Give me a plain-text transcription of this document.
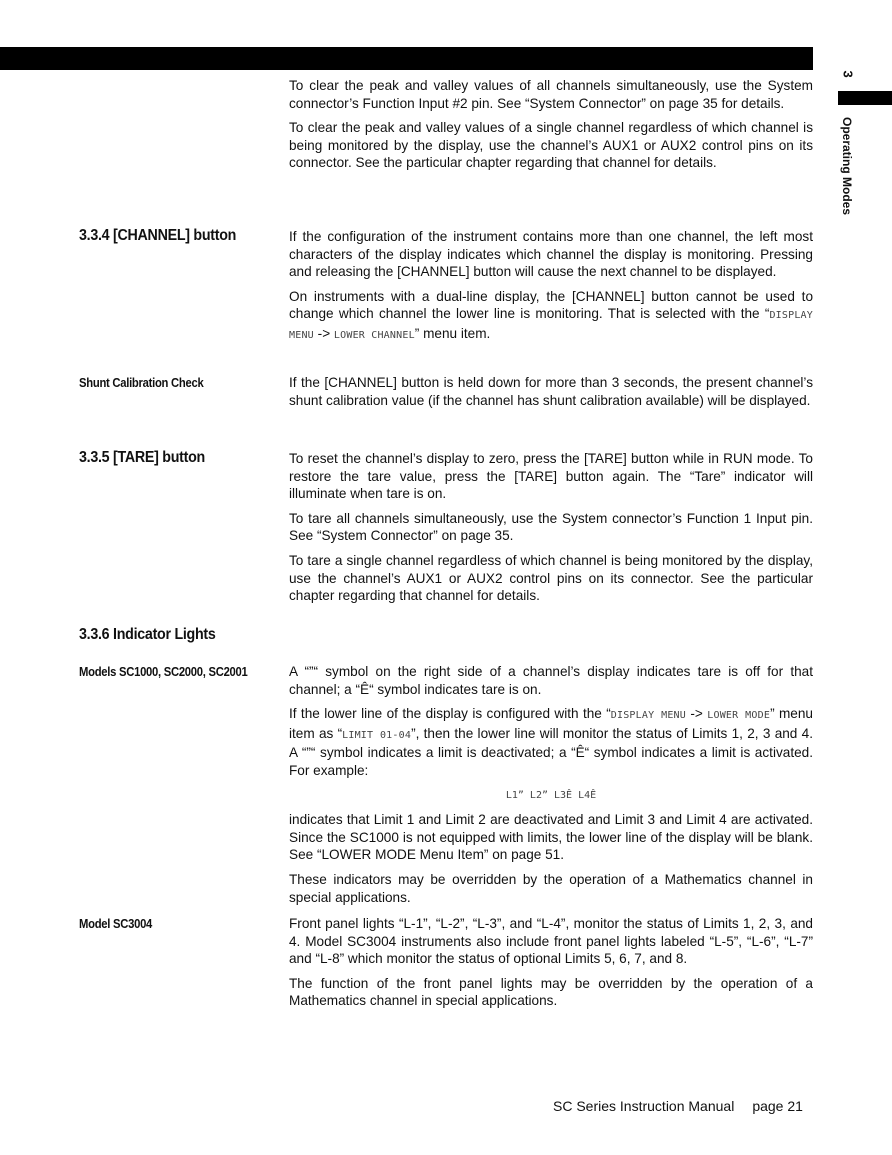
3
Operating Modes

To clear the peak and valley values of all channels simultaneously, use the System connector’s Function Input #2 pin. See “System Connector” on page 35 for details.

To clear the peak and valley values of a single channel regardless of which channel is being monitored by the display, use the channel’s AUX1 or AUX2 control pins on its connector. See the particular chapter regarding that channel for details.

3.3.4 [CHANNEL] button	If the configuration of the instrument contains more than one channel, the left most characters of the display indicates which channel the display is monitoring. Pressing and releasing the [CHANNEL] button will cause the next channel to be displayed.

On instruments with a dual-line display, the [CHANNEL] button cannot be used to change which channel the lower line is monitoring. That is selected with the “DISPLAY MENU -> LOWER CHANNEL” menu item.

Shunt Calibration Check	If the [CHANNEL] button is held down for more than 3 seconds, the present channel’s shunt calibration value (if the channel has shunt calibration available) will be displayed.

3.3.5 [TARE] button	To reset the channel’s display to zero, press the [TARE] button while in RUN mode. To restore the tare value, press the [TARE] button again. The “Tare” indicator will illuminate when tare is on.

To tare all channels simultaneously, use the System connector’s Function 1 Input pin. See “System Connector” on page 35.

To tare a single channel regardless of which channel is being monitored by the display, use the channel’s AUX1 or AUX2 control pins on its connector. See the particular chapter regarding that channel for details.

3.3.6 Indicator Lights
Models SC1000, SC2000, SC2001	A “”“ symbol on the right side of a channel’s display indicates tare is off for that channel; a “Ê“ symbol indicates tare is on.

If the lower line of the display is configured with the “DISPLAY MENU -> LOWER MODE” menu item as “LIMIT 01-04”, then the lower line will monitor the status of Limits 1, 2, 3 and 4. A “”“ symbol indicates a limit is deactivated; a “Ê“ symbol indicates a limit is activated. For example:

L1” L2” L3Ê L4Ê

indicates that Limit 1 and Limit 2 are deactivated and Limit 3 and Limit 4 are activated. Since the SC1000 is not equipped with limits, the lower line of the display will be blank. See “LOWER MODE Menu Item” on page 51.

These indicators may be overridden by the operation of a Mathematics channel in special applications.

Model SC3004	Front panel lights “L-1”, “L-2”, “L-3”, and “L-4”, monitor the status of Limits 1, 2, 3, and 4. Model SC3004 instruments also include front panel lights labeled “L-5”, “L-6”, “L-7” and “L-8” which monitor the status of optional Limits 5, 6, 7, and 8.

The function of the front panel lights may be overridden by the operation of a Mathematics channel in special applications.

SC Series Instruction Manual page 21
